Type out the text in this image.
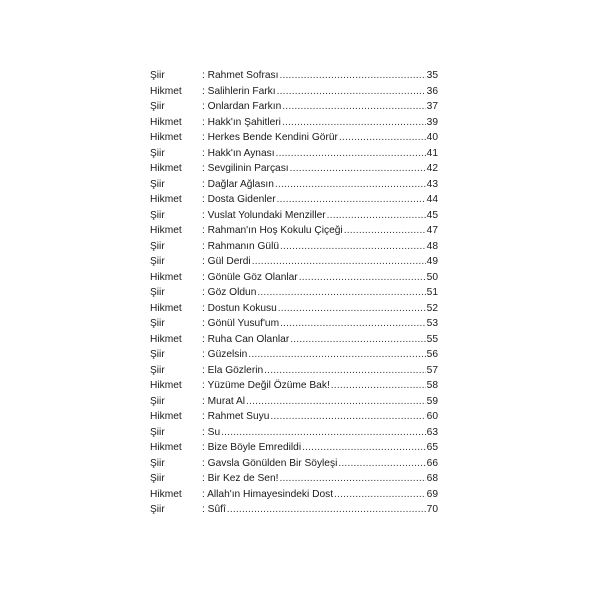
Şiir	: Rahmet Sofrası .....	35
Hikmet	: Salihlerin Farkı .....	36
Şiir	: Onlardan Farkın .....	37
Hikmet	: Hakk'ın Şahitleri .....	39
Hikmet	: Herkes Bende Kendini Görür .....	40
Şiir	: Hakk'ın Aynası .....	41
Hikmet	: Sevgilinin Parçası .....	42
Şiir	: Dağlar Ağlasın .....	43
Hikmet	: Dosta Gidenler .....	44
Şiir	: Vuslat Yolundaki Menziller .....	45
Hikmet	: Rahman'ın Hoş Kokulu Çiçeği .....	47
Şiir	: Rahmanın Gülü .....	48
Şiir	: Gül Derdi .....	49
Hikmet	: Gönüle Göz Olanlar .....	50
Şiir	: Göz Oldun .....	51
Hikmet	: Dostun Kokusu .....	52
Şiir	: Gönül Yusuf'um .....	53
Hikmet	: Ruha Can Olanlar .....	55
Şiir	: Güzelsin .....	56
Şiir	: Ela Gözlerin .....	57
Hikmet	: Yüzüme Değil Özüme Bak! .....	58
Şiir	: Murat Al .....	59
Hikmet	: Rahmet Suyu .....	60
Şiir	: Su .....	63
Hikmet	: Bize Böyle Emredildi .....	65
Şiir	: Gavsla Gönülden Bir Söyleşi .....	66
Şiir	: Bir Kez de Sen! .....	68
Hikmet	: Allah'ın Himayesindeki Dost .....	69
Şiir	: Sûfî .....	70
